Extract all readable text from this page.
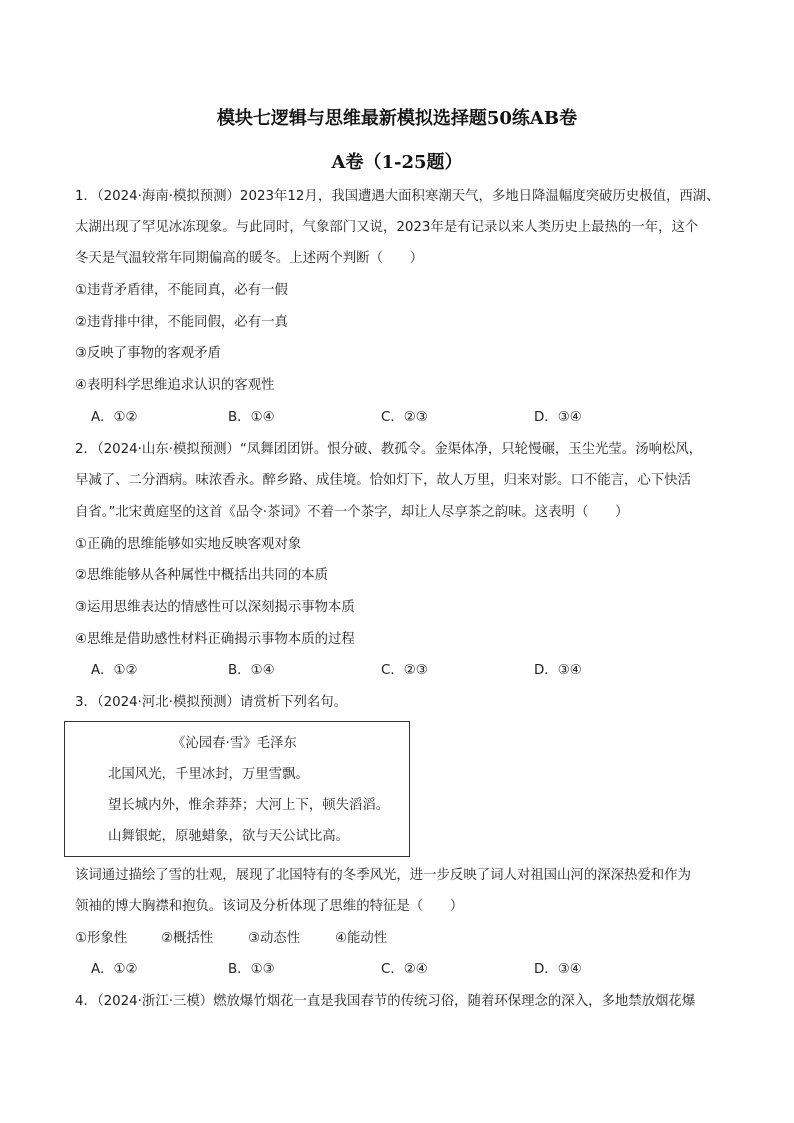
模块七逻辑与思维最新模拟选择题50练AB卷
A卷（1-25题）
1．（2024·海南·模拟预测）2023年12月，我国遭遇大面积寒潮天气，多地日降温幅度突破历史极值，西湖、
太湖出现了罕见冰冻现象。与此同时，气象部门又说，2023年是有记录以来人类历史上最热的一年，这个
冬天是气温较常年同期偏高的暖冬。上述两个判断（　　）
①违背矛盾律，不能同真，必有一假
②违背排中律，不能同假，必有一真
③反映了事物的客观矛盾
④表明科学思维追求认识的客观性
A．①②	B．①④	C．②③	D．③④
2．（2024·山东·模拟预测）“凤舞团团饼。恨分破、教孤令。金渠体净，只轮慢碾，玉尘光莹。汤响松风，
早减了、二分酒病。味浓香永。醉乡路、成佳境。恰如灯下，故人万里，归来对影。口不能言，心下快活
自省。”北宋黄庭坚的这首《品令·茶词》不着一个茶字，却让人尽享茶之韵味。这表明（　　）
①正确的思维能够如实地反映客观对象
②思维能够从各种属性中概括出共同的本质
③运用思维表达的情感性可以深刻揭示事物本质
④思维是借助感性材料正确揭示事物本质的过程
A．①②	B．①④	C．②③	D．③④
3．（2024·河北·模拟预测）请赏析下列名句。
《沁园春·雪》毛泽东
北国风光，千里冰封，万里雪飘。
望长城内外，惟余莽莽；大河上下，顿失滔滔。
山舞银蛇，原驰蜡象，欲与天公试比高。
该词通过描绘了雪的壮观，展现了北国特有的冬季风光，进一步反映了词人对祖国山河的深深热爱和作为
领袖的博大胸襟和抱负。该词及分析体现了思维的特征是（　　）
①形象性	②概括性	③动态性	④能动性
A．①②	B．①③	C．②④	D．③④
4．（2024·浙江·三模）燃放爆竹烟花一直是我国春节的传统习俗，随着环保理念的深入，多地禁放烟花爆
